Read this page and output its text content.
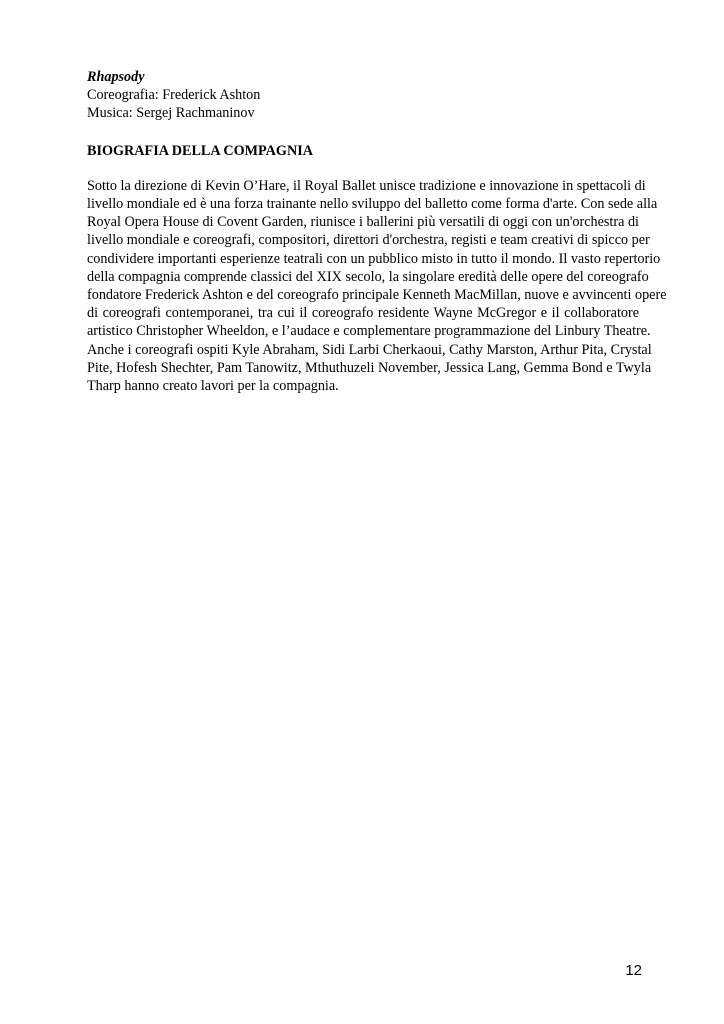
Rhapsody
Coreografia: Frederick Ashton
Musica: Sergej Rachmaninov
BIOGRAFIA DELLA COMPAGNIA
Sotto la direzione di Kevin O’Hare, il Royal Ballet unisce tradizione e innovazione in spettacoli di
livello mondiale ed è una forza trainante nello sviluppo del balletto come forma d'arte. Con sede alla
Royal Opera House di Covent Garden, riunisce i ballerini più versatili di oggi con un'orchestra di
livello mondiale e coreografi, compositori, direttori d'orchestra, registi e team creativi di spicco per
condividere importanti esperienze teatrali con un pubblico misto in tutto il mondo. Il vasto repertorio
della compagnia comprende classici del XIX secolo, la singolare eredità delle opere del coreografo
fondatore Frederick Ashton e del coreografo principale Kenneth MacMillan, nuove e avvincenti opere
di coreografi contemporanei, tra cui il coreografo residente Wayne McGregor e il collaboratore
artistico Christopher Wheeldon, e l’audace e complementare programmazione del Linbury Theatre.
Anche i coreografi ospiti Kyle Abraham, Sidi Larbi Cherkaoui, Cathy Marston, Arthur Pita, Crystal
Pite, Hofesh Shechter, Pam Tanowitz, Mthuthuzeli November, Jessica Lang, Gemma Bond e Twyla
Tharp hanno creato lavori per la compagnia.
12
